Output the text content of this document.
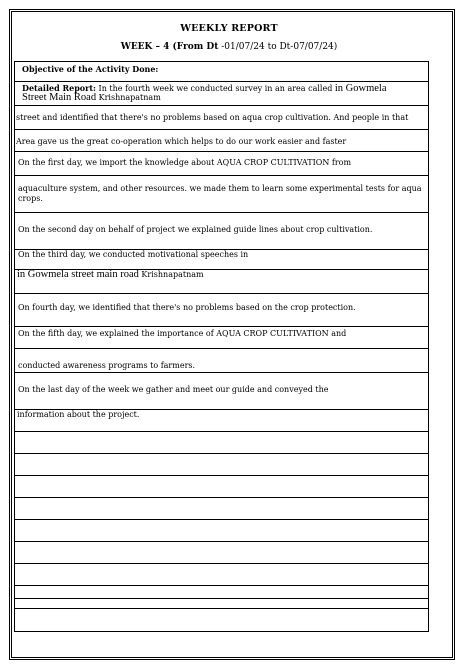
WEEKLY REPORT
WEEK – 4 (From Dt -01/07/24 to Dt-07/07/24)
Objective of the Activity Done:
Detailed Report: In the fourth week we conducted survey in an area called in Gowmela
Street Main Road Krishnapatnam
street and identified that there's no problems based on aqua crop cultivation. And people in that
Area gave us the great co-operation which helps to do our work easier and faster
On the first day, we import the knowledge about AQUA CROP CULTIVATION from
aquaculture system, and other resources. we made them to learn some experimental tests for aqua crops.
On the second day on behalf of project we explained guide lines about crop cultivation.
On the third day, we conducted motivational speeches in
in Gowmela street main road Krishnapatnam
On fourth day, we identified that there's no problems based on the crop protection.
On the fifth day, we explained the importance of AQUA CROP CULTIVATION and
conducted awareness programs to farmers.
On the last day of the week we gather and meet our guide and conveyed the
information about the project.
